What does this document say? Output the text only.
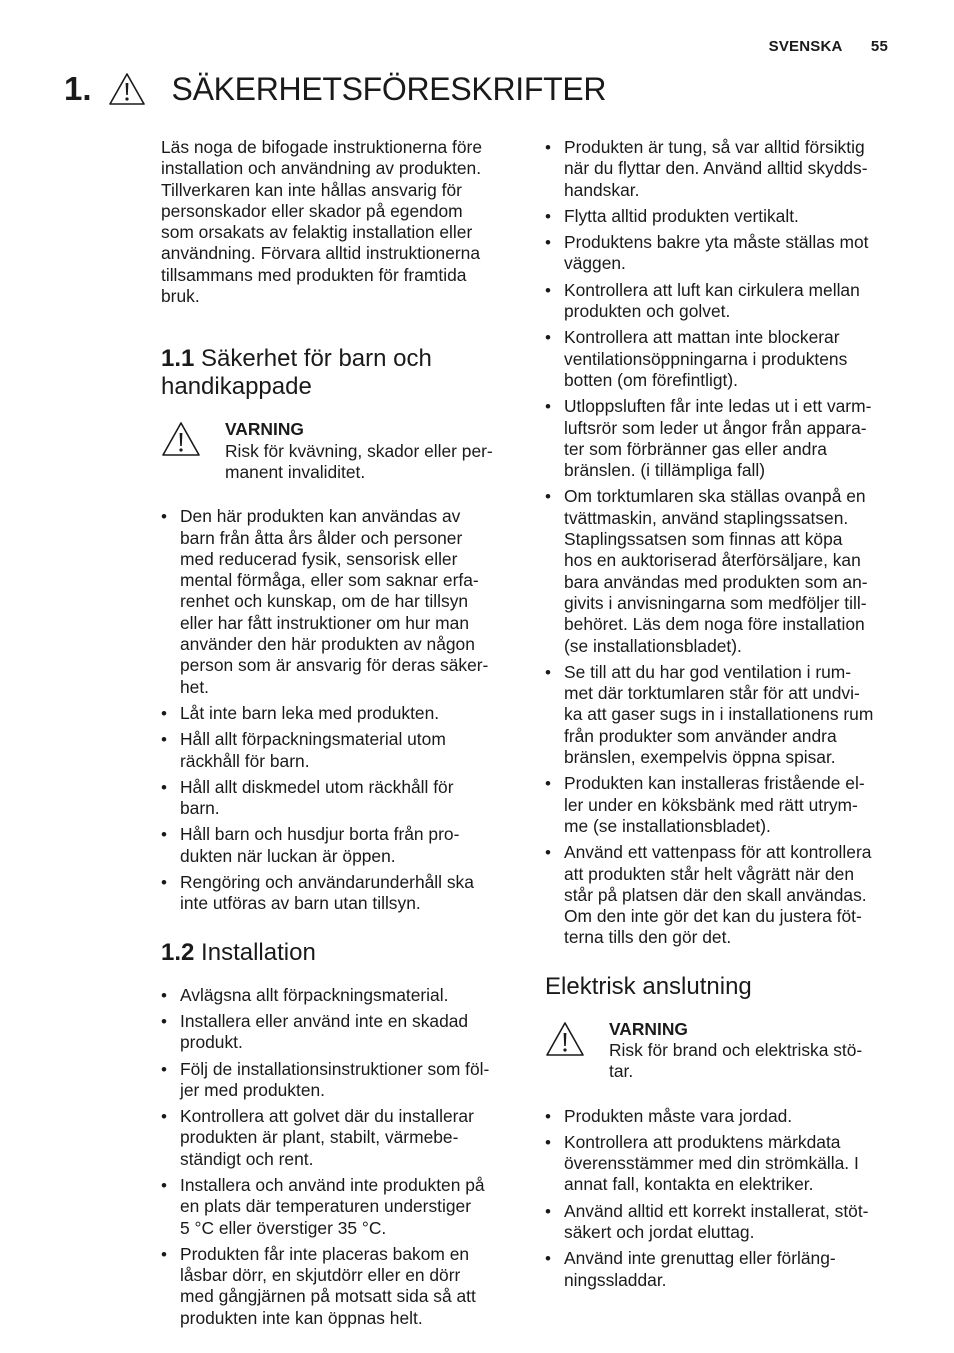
SVENSKA 55
1.	SÄKERHETSFÖRESKRIFTER

Läs noga de bifogade instruktionerna före
installation och användning av produkten.
Tillverkaren kan inte hållas ansvarig för
personskador eller skador på egendom
som orsakats av felaktig installation eller
användning. Förvara alltid instruktionerna
tillsammans med produkten för framtida
bruk.

1.1 Säkerhet för barn och
handikappade
VARNING
Risk för kvävning, skador eller per-
manent invaliditet.
• Den här produkten kan användas av
barn från åtta års ålder och personer
med reducerad fysik, sensorisk eller
mental förmåga, eller som saknar erfa-
renhet och kunskap, om de har tillsyn
eller har fått instruktioner om hur man
använder den här produkten av någon
person som är ansvarig för deras säker-
het.
• Låt inte barn leka med produkten.
• Håll allt förpackningsmaterial utom
räckhåll för barn.
• Håll allt diskmedel utom räckhåll för
barn.
• Håll barn och husdjur borta från pro-
dukten när luckan är öppen.
• Rengöring och användarunderhåll ska
inte utföras av barn utan tillsyn.
1.2 Installation
• Avlägsna allt förpackningsmaterial.
• Installera eller använd inte en skadad
produkt.
• Följ de installationsinstruktioner som föl-
jer med produkten.
• Kontrollera att golvet där du installerar
produkten är plant, stabilt, värmebe-
ständigt och rent.
• Installera och använd inte produkten på
en plats där temperaturen understiger
5 °C eller överstiger 35 °C.
• Produkten får inte placeras bakom en
låsbar dörr, en skjutdörr eller en dörr
med gångjärnen på motsatt sida så att
produkten inte kan öppnas helt.
• Produkten är tung, så var alltid försiktig
när du flyttar den. Använd alltid skydds-
handskar.
• Flytta alltid produkten vertikalt.
• Produktens bakre yta måste ställas mot
väggen.
• Kontrollera att luft kan cirkulera mellan
produkten och golvet.
• Kontrollera att mattan inte blockerar
ventilationsöppningarna i produktens
botten (om förefintligt).
• Utloppsluften får inte ledas ut i ett varm-
luftsrör som leder ut ångor från appara-
ter som förbränner gas eller andra
bränslen. (i tillämpliga fall)
• Om torktumlaren ska ställas ovanpå en
tvättmaskin, använd staplingssatsen.
Staplingssatsen som finnas att köpa
hos en auktoriserad återförsäljare, kan
bara användas med produkten som an-
givits i anvisningarna som medföljer till-
behöret. Läs dem noga före installation
(se installationsbladet).
• Se till att du har god ventilation i rum-
met där torktumlaren står för att undvi-
ka att gaser sugs in i installationens rum
från produkter som använder andra
bränslen, exempelvis öppna spisar.
• Produkten kan installeras fristående el-
ler under en köksbänk med rätt utrym-
me (se installationsbladet).
• Använd ett vattenpass för att kontrollera
att produkten står helt vågrätt när den
står på platsen där den skall användas.
Om den inte gör det kan du justera föt-
terna tills den gör det.
Elektrisk anslutning
VARNING
Risk för brand och elektriska stö-
tar.
• Produkten måste vara jordad.
• Kontrollera att produktens märkdata
överensstämmer med din strömkälla. I
annat fall, kontakta en elektriker.
• Använd alltid ett korrekt installerat, stöt-
säkert och jordat eluttag.
• Använd inte grenuttag eller förläng-
ningssladdar.
